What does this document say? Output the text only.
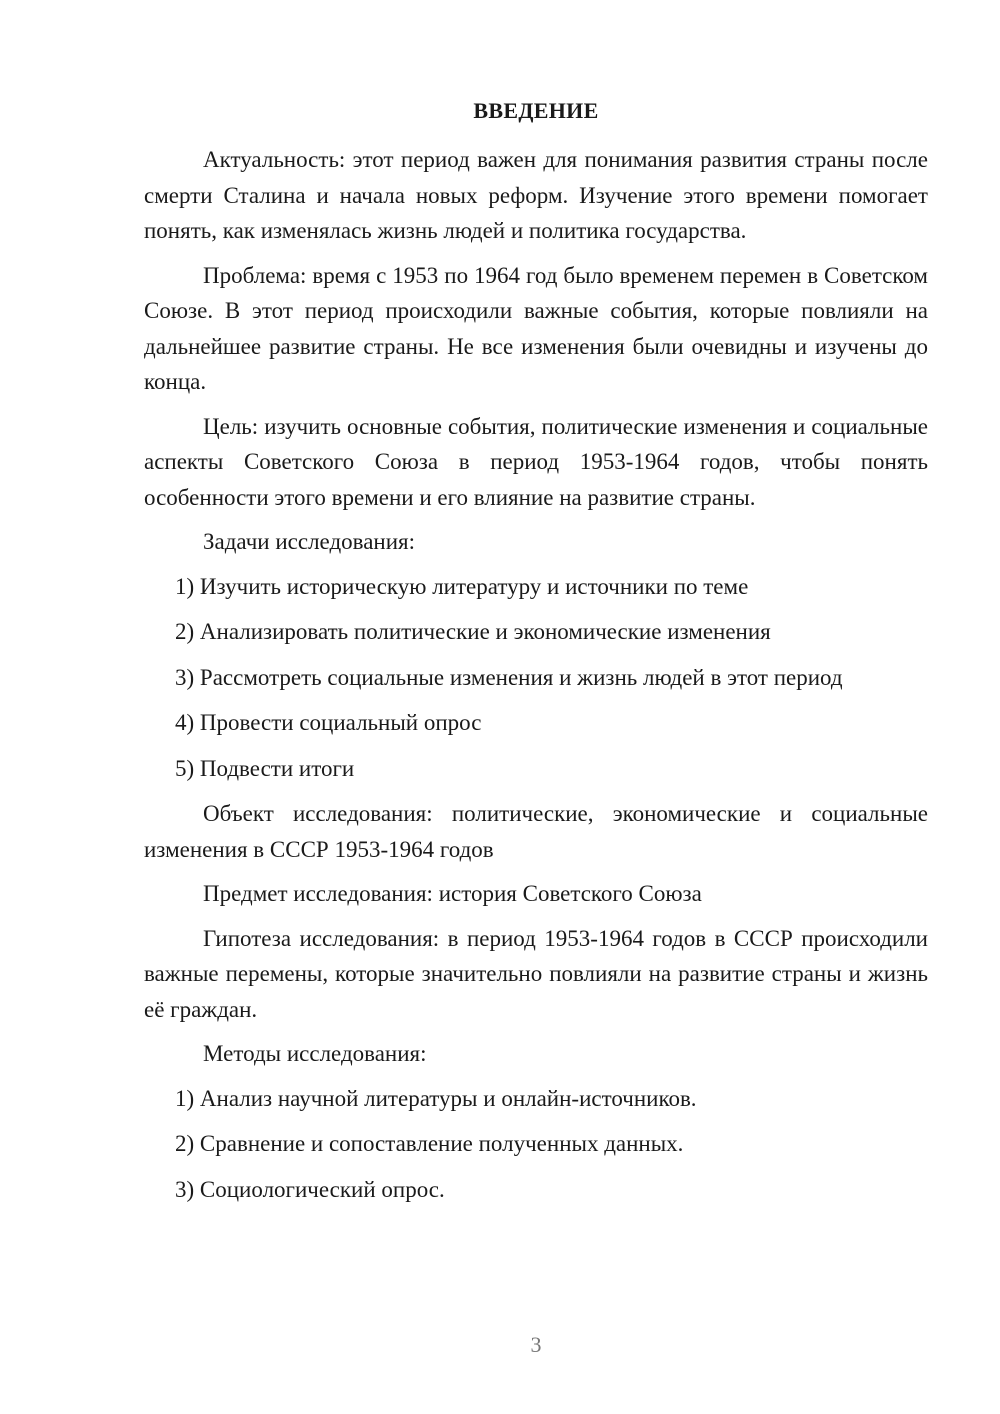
ВВЕДЕНИЕ

Актуальность: этот период важен для понимания развития страны после смерти Сталина и начала новых реформ. Изучение этого времени помогает понять, как изменялась жизнь людей и политика государства.

Проблема: время с 1953 по 1964 год было временем перемен в Советском Союзе. В этот период происходили важные события, которые повлияли на дальнейшее развитие страны. Не все изменения были очевидны и изучены до конца.

Цель: изучить основные события, политические изменения и социальные аспекты Советского Союза в период 1953-1964 годов, чтобы понять особенности этого времени и его влияние на развитие страны.

Задачи исследования:

1) Изучить историческую литературу и источники по теме

2) Анализировать политические и экономические изменения

3) Рассмотреть социальные изменения и жизнь людей в этот период

4) Провести социальный опрос

5) Подвести итоги

Объект исследования: политические, экономические и социальные изменения в СССР 1953-1964 годов

Предмет исследования: история Советского Союза

Гипотеза исследования: в период 1953-1964 годов в СССР происходили важные перемены, которые значительно повлияли на развитие страны и жизнь её граждан.

Методы исследования:

1) Анализ научной литературы и онлайн-источников.

2) Сравнение и сопоставление полученных данных.

3) Социологический опрос.

3
